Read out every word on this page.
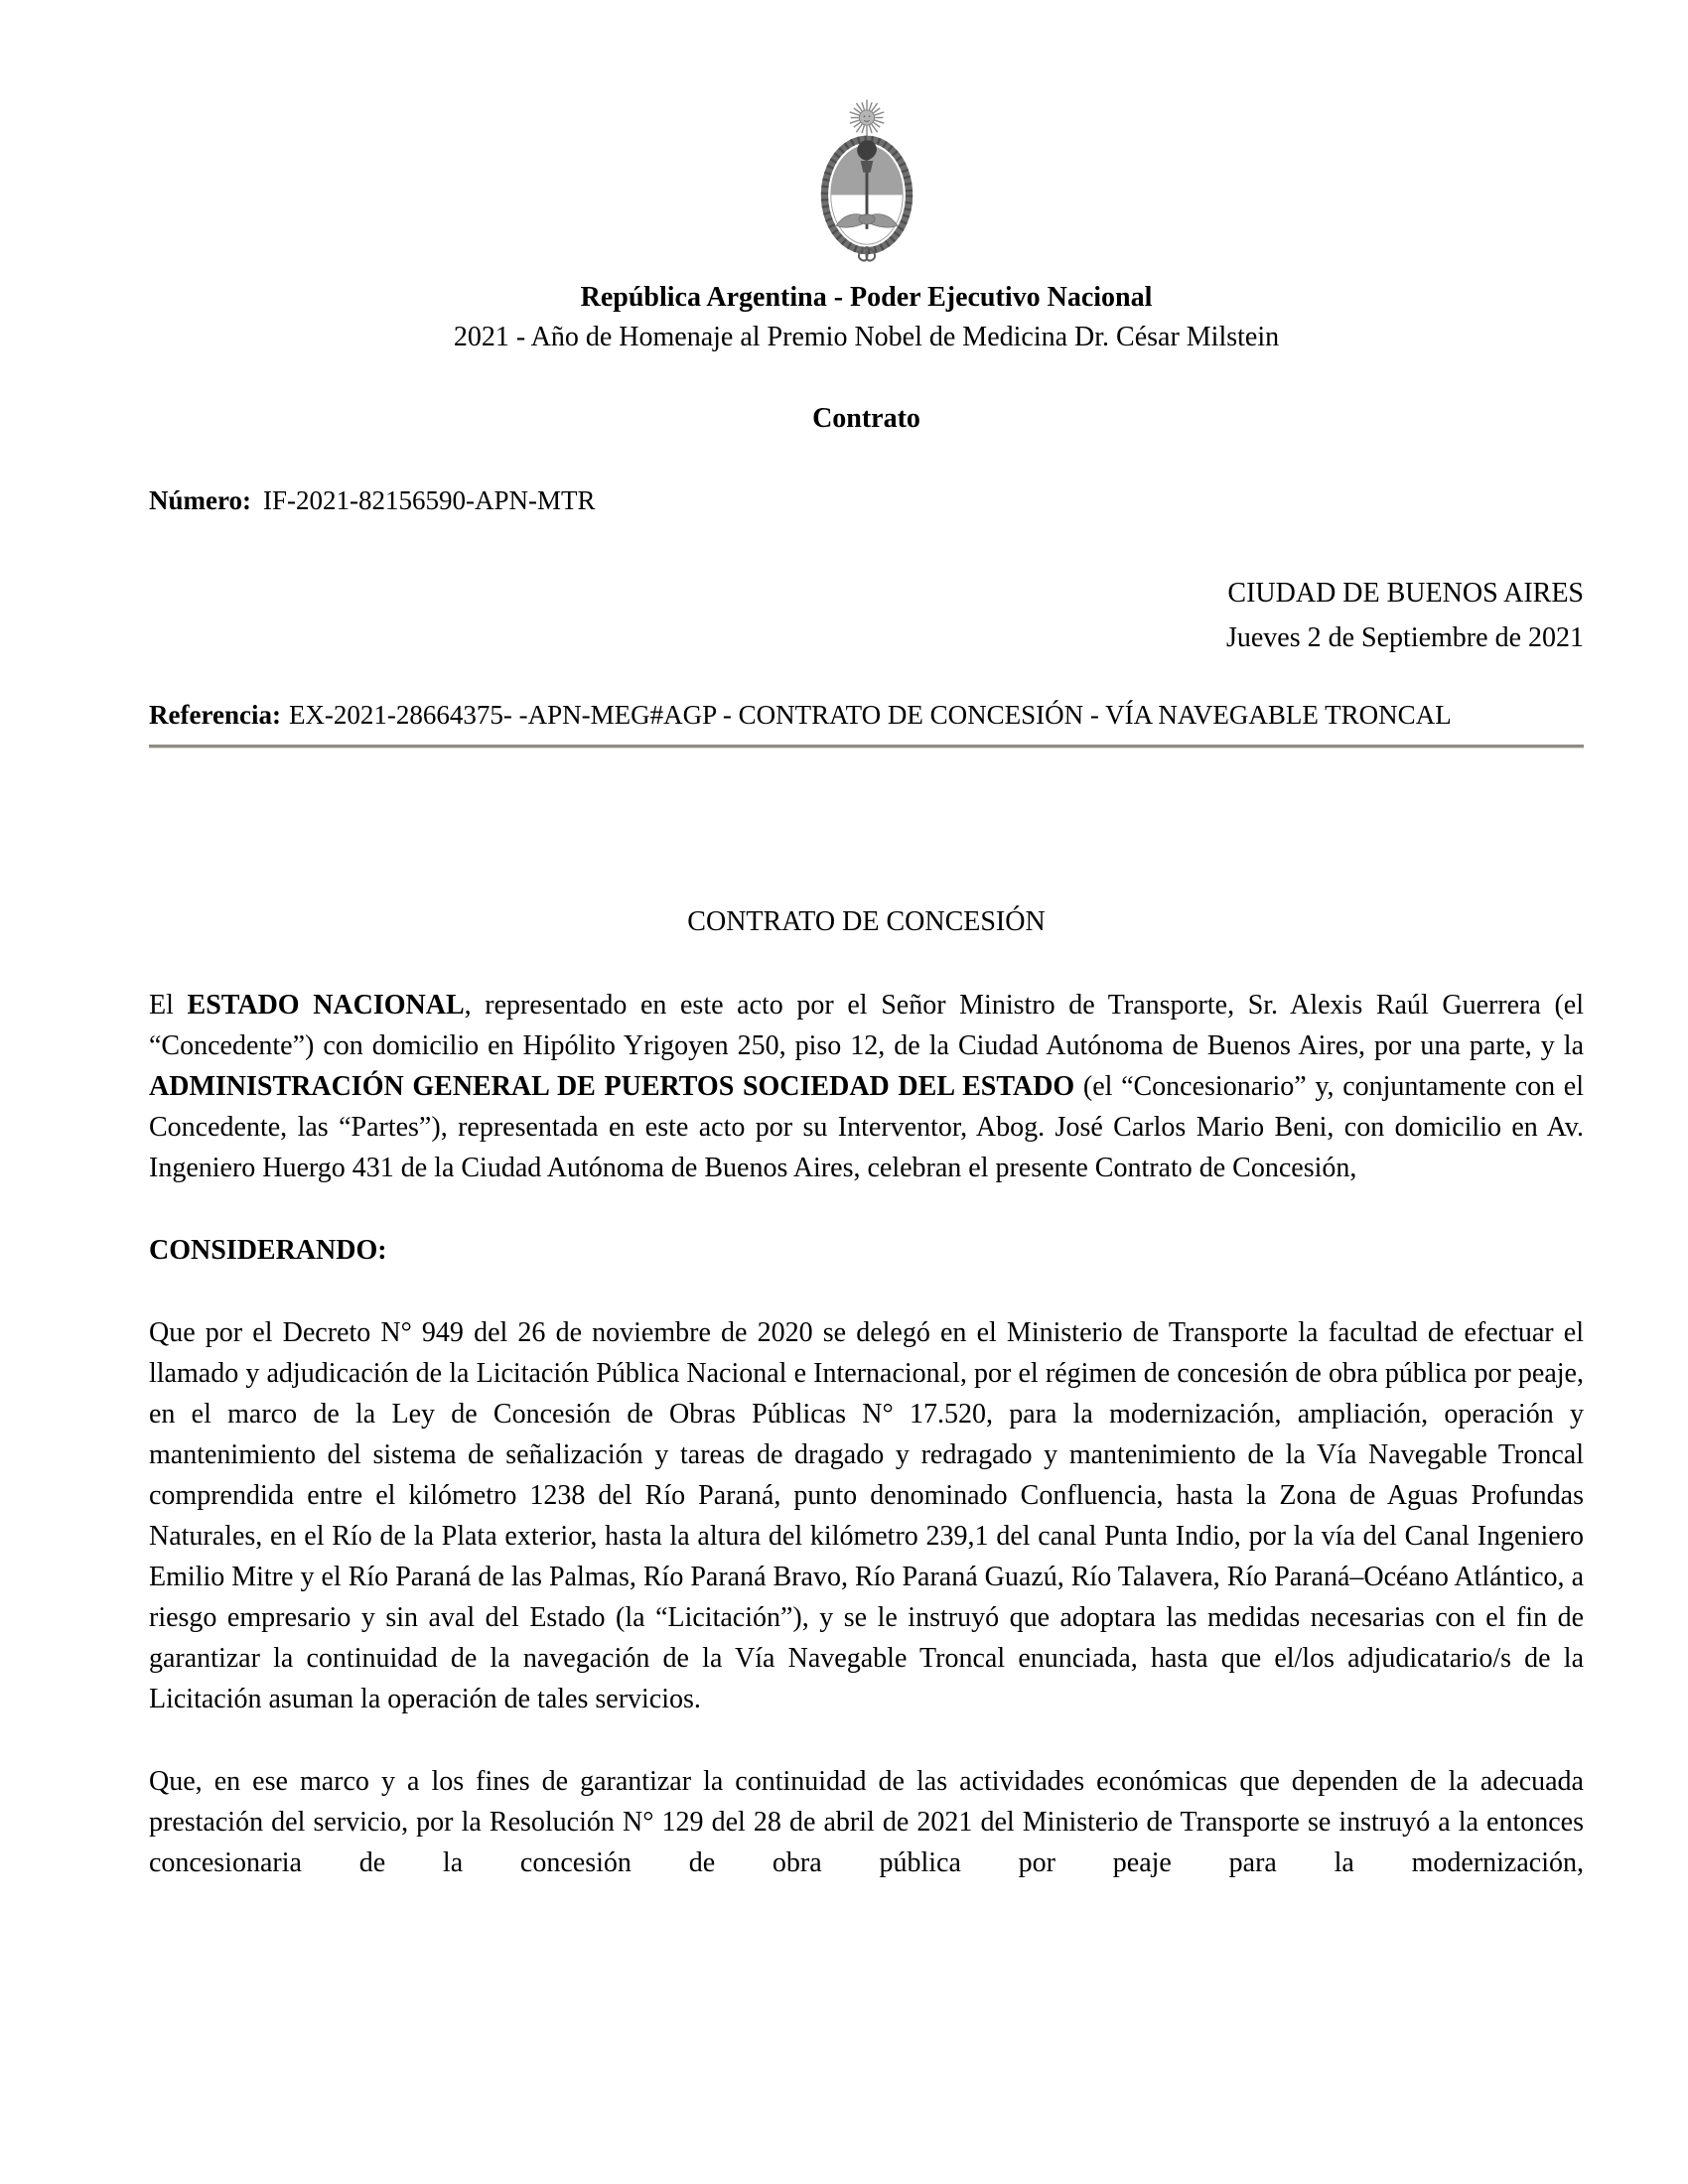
República Argentina - Poder Ejecutivo Nacional
2021 - Año de Homenaje al Premio Nobel de Medicina Dr. César Milstein
Contrato
Número: IF-2021-82156590-APN-MTR
CIUDAD DE BUENOS AIRES
Jueves 2 de Septiembre de 2021
Referencia: EX-2021-28664375- -APN-MEG#AGP - CONTRATO DE CONCESIÓN - VÍA NAVEGABLE TRONCAL
CONTRATO DE CONCESIÓN

El ESTADO NACIONAL, representado en este acto por el Señor Ministro de Transporte, Sr. Alexis Raúl Guerrera (el “Concedente”) con domicilio en Hipólito Yrigoyen 250, piso 12, de la Ciudad Autónoma de Buenos Aires, por una parte, y la ADMINISTRACIÓN GENERAL DE PUERTOS SOCIEDAD DEL ESTADO (el “Concesionario” y, conjuntamente con el Concedente, las “Partes”), representada en este acto por su Interventor, Abog. José Carlos Mario Beni, con domicilio en Av. Ingeniero Huergo 431 de la Ciudad Autónoma de Buenos Aires, celebran el presente Contrato de Concesión,

CONSIDERANDO:

Que por el Decreto N° 949 del 26 de noviembre de 2020 se delegó en el Ministerio de Transporte la facultad de efectuar el llamado y adjudicación de la Licitación Pública Nacional e Internacional, por el régimen de concesión de obra pública por peaje, en el marco de la Ley de Concesión de Obras Públicas N° 17.520, para la modernización, ampliación, operación y mantenimiento del sistema de señalización y tareas de dragado y redragado y mantenimiento de la Vía Navegable Troncal comprendida entre el kilómetro 1238 del Río Paraná, punto denominado Confluencia, hasta la Zona de Aguas Profundas Naturales, en el Río de la Plata exterior, hasta la altura del kilómetro 239,1 del canal Punta Indio, por la vía del Canal Ingeniero Emilio Mitre y el Río Paraná de las Palmas, Río Paraná Bravo, Río Paraná Guazú, Río Talavera, Río Paraná–Océano Atlántico, a riesgo empresario y sin aval del Estado (la “Licitación”), y se le instruyó que adoptara las medidas necesarias con el fin de garantizar la continuidad de la navegación de la Vía Navegable Troncal enunciada, hasta que el/los adjudicatario/s de la Licitación asuman la operación de tales servicios.

Que, en ese marco y a los fines de garantizar la continuidad de las actividades económicas que dependen de la adecuada prestación del servicio, por la Resolución N° 129 del 28 de abril de 2021 del Ministerio de Transporte se instruyó a la entonces concesionaria de la concesión de obra pública por peaje para la modernización,
